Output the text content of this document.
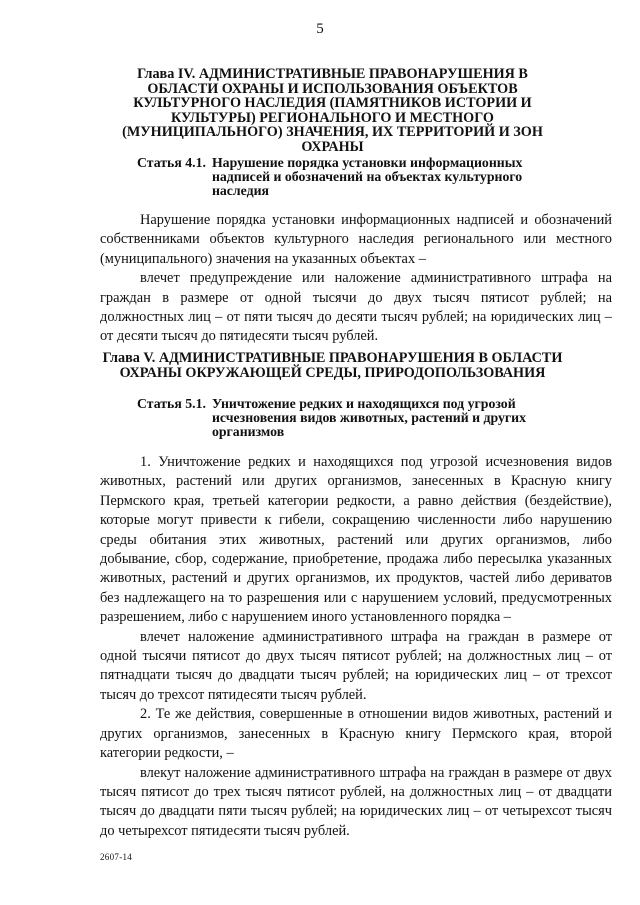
5
Глава IV. АДМИНИСТРАТИВНЫЕ ПРАВОНАРУШЕНИЯ В ОБЛАСТИ ОХРАНЫ И ИСПОЛЬЗОВАНИЯ ОБЪЕКТОВ КУЛЬТУРНОГО НАСЛЕДИЯ (ПАМЯТНИКОВ ИСТОРИИ И КУЛЬТУРЫ) РЕГИОНАЛЬНОГО И МЕСТНОГО (МУНИЦИПАЛЬНОГО) ЗНАЧЕНИЯ, ИХ ТЕРРИТОРИЙ И ЗОН ОХРАНЫ
Статья 4.1. Нарушение порядка установки информационных надписей и обозначений на объектах культурного наследия

Нарушение порядка установки информационных надписей и обозначений собственниками объектов культурного наследия регионального или местного (муниципального) значения на указанных объектах –

влечет предупреждение или наложение административного штрафа на граждан в размере от одной тысячи до двух тысяч пятисот рублей; на должностных лиц – от пяти тысяч до десяти тысяч рублей; на юридических лиц – от десяти тысяч до пятидесяти тысяч рублей.

Глава V. АДМИНИСТРАТИВНЫЕ ПРАВОНАРУШЕНИЯ В ОБЛАСТИ ОХРАНЫ ОКРУЖАЮЩЕЙ СРЕДЫ, ПРИРОДОПОЛЬЗОВАНИЯ
Статья 5.1. Уничтожение редких и находящихся под угрозой исчезновения видов животных, растений и других организмов

1. Уничтожение редких и находящихся под угрозой исчезновения видов животных, растений или других организмов, занесенных в Красную книгу Пермского края, третьей категории редкости, а равно действия (бездействие), которые могут привести к гибели, сокращению численности либо нарушению среды обитания этих животных, растений или других организмов, либо добывание, сбор, содержание, приобретение, продажа либо пересылка указанных животных, растений и других организмов, их продуктов, частей либо дериватов без надлежащего на то разрешения или с нарушением условий, предусмотренных разрешением, либо с нарушением иного установленного порядка –

влечет наложение административного штрафа на граждан в размере от одной тысячи пятисот до двух тысяч пятисот рублей; на должностных лиц – от пятнадцати тысяч до двадцати тысяч рублей; на юридических лиц – от трехсот тысяч до трехсот пятидесяти тысяч рублей.

2. Те же действия, совершенные в отношении видов животных, растений и других организмов, занесенных в Красную книгу Пермского края, второй категории редкости, –

влекут наложение административного штрафа на граждан в размере от двух тысяч пятисот до трех тысяч пятисот рублей, на должностных лиц – от двадцати тысяч до двадцати пяти тысяч рублей; на юридических лиц – от четырехсот тысяч до четырехсот пятидесяти тысяч рублей.

2607-14
